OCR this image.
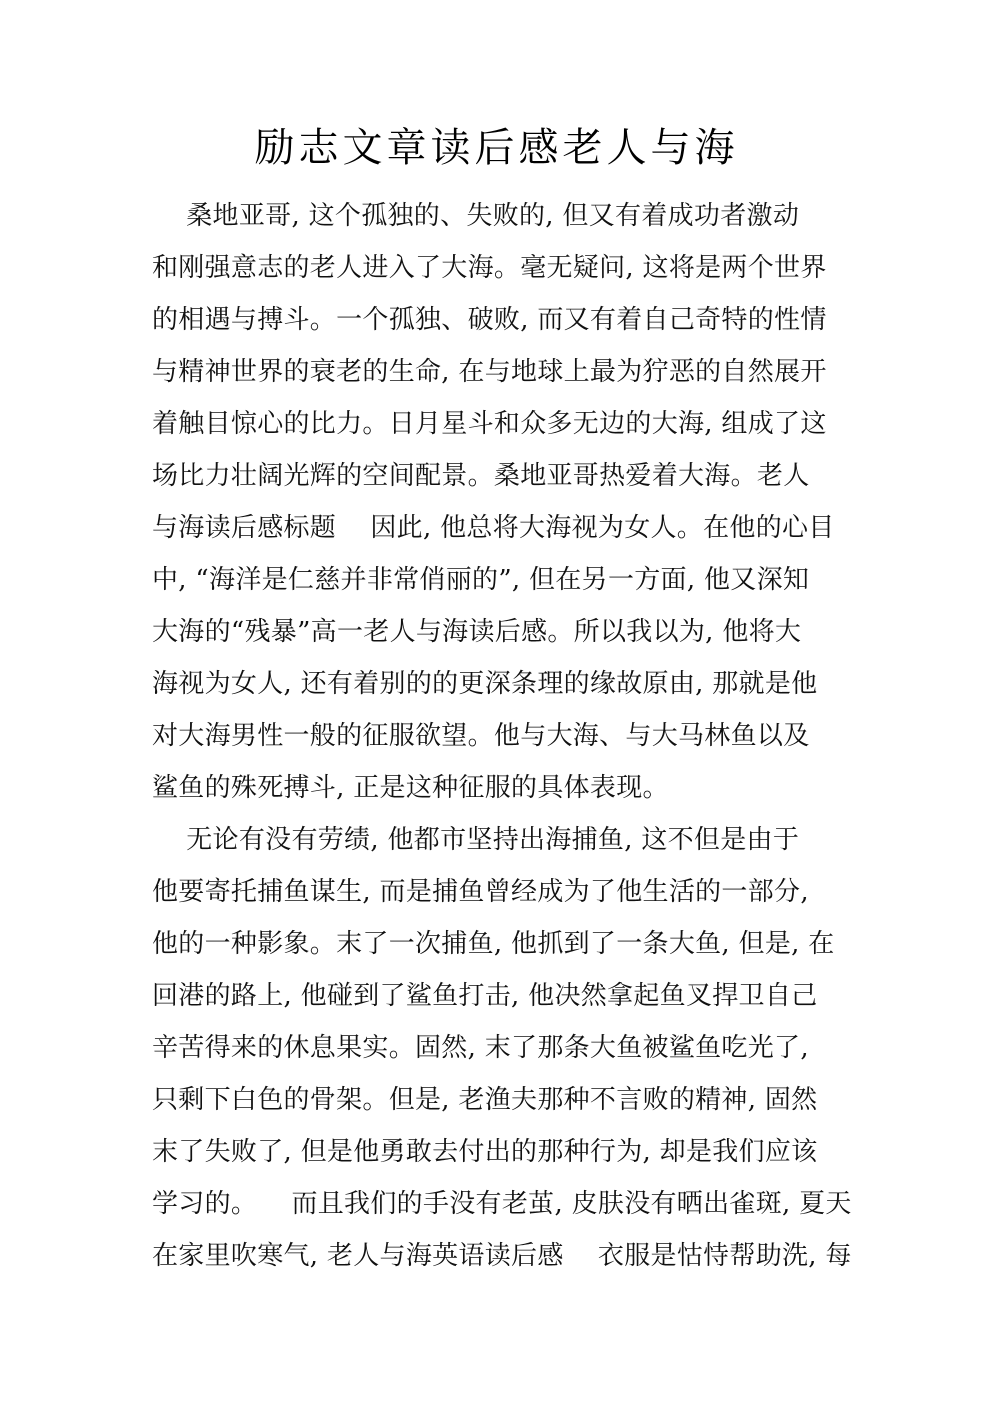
励志文章读后感老人与海
桑地亚哥, 这个孤独的、失败的, 但又有着成功者激动
和刚强意志的老人进入了大海。毫无疑问, 这将是两个世界
的相遇与搏斗。一个孤独、破败, 而又有着自己奇特的性情
与精神世界的衰老的生命, 在与地球上最为狞恶的自然展开
着触目惊心的比力。日月星斗和众多无边的大海, 组成了这
场比力壮阔光辉的空间配景。桑地亚哥热爱着大海。老人
与海读后感标题    因此, 他总将大海视为女人。在他的心目
中, “海洋是仁慈并非常俏丽的”, 但在另一方面, 他又深知
大海的“残暴”高一老人与海读后感。所以我以为, 他将大
海视为女人, 还有着别的的更深条理的缘故原由, 那就是他
对大海男性一般的征服欲望。他与大海、与大马林鱼以及
鲨鱼的殊死搏斗, 正是这种征服的具体表现。
无论有没有劳绩, 他都市坚持出海捕鱼, 这不但是由于
他要寄托捕鱼谋生, 而是捕鱼曾经成为了他生活的一部分,
他的一种影象。末了一次捕鱼, 他抓到了一条大鱼, 但是, 在
回港的路上, 他碰到了鲨鱼打击, 他决然拿起鱼叉捍卫自己
辛苦得来的休息果实。固然, 末了那条大鱼被鲨鱼吃光了,
只剩下白色的骨架。但是, 老渔夫那种不言败的精神, 固然
末了失败了, 但是他勇敢去付出的那种行为, 却是我们应该
学习的。    而且我们的手没有老茧, 皮肤没有晒出雀斑, 夏天
在家里吹寒气, 老人与海英语读后感    衣服是怙恃帮助洗, 每
